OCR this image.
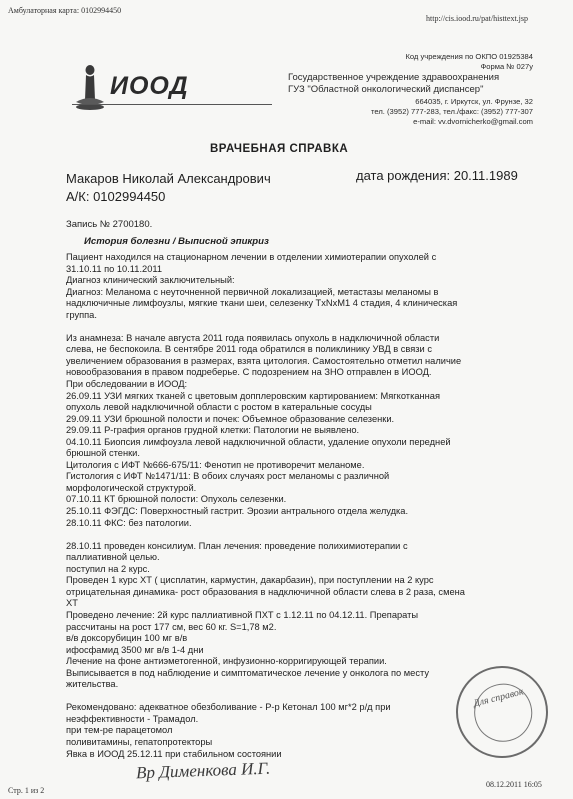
Амбулаторная карта: 0102994450
http://cis.iood.ru/pat/histtext.jsp
Код учреждения по ОКПО 01925384
Форма № 027у
ИООД	Государственное учреждение здравоохранения
ГУЗ "Областной онкологический диспансер"
664035, г. Иркутск, ул. Фрунзе, 32
тел. (3952) 777-283, тел./факс: (3952) 777-307
e-mail: vv.dvornicherko@gmail.com
ВРАЧЕБНАЯ СПРАВКА
Макаров Николай Александрович	дата рождения: 20.11.1989
А/К: 0102994450
Запись № 2700180.
История болезни / Выписной эпикриз
Пациент находился на стационарном лечении в отделении химиотерапии опухолей с
31.10.11 по 10.11.2011
Диагноз клинический заключительный:
Диагноз: Меланома с неуточненной первичной локализацией, метастазы меланомы в
надключичные лимфоузлы, мягкие ткани шеи, селезенку TxNxM1 4 стадия, 4 клиническая
группа.
Из анамнеза: В начале августа 2011 года появилась опухоль в надключичной области
слева, не беспокоила. В сентябре 2011 года обратился в поликлинику УВД в связи с
увеличением образования в размерах, взята цитология. Самостоятельно отметил наличие
новообразования в правом подреберье. С подозрением на ЗНО отправлен в ИООД.
При обследовании в ИООД:
26.09.11 УЗИ мягких тканей с цветовым допплеровским картированием: Мягкотканная
опухоль левой надключичной области с ростом в катеральные сосуды
29.09.11 УЗИ брюшной полости и почек: Объемное образование селезенки.
29.09.11 Р-графия органов грудной клетки: Патологии не выявлено.
04.10.11 Биопсия лимфоузла левой надключичной области, удаление опухоли передней
брюшной стенки.
Цитология с ИФТ №666-675/11: Фенотип не противоречит меланоме.
Гистология с ИФТ №1471/11: В обоих случаях рост меланомы с различной
морфологической структурой.
07.10.11 КТ брюшной полости: Опухоль селезенки.
25.10.11 ФЭГДС: Поверхностный гастрит. Эрозии антрального отдела желудка.
28.10.11 ФКС: без патологии.
28.10.11 проведен консилиум. План лечения: проведение полихимиотерапии с
паллиативной целью.
поступил на 2 курс.
Проведен 1 курс ХТ ( цисплатин, кармустин, дакарбазин), при поступлении на 2 курс
отрицательная динамика- рост образования в надключичной области слева в 2 раза, смена
ХТ
Проведено лечение: 2й курс паллиативной ПХТ с 1.12.11 по 04.12.11. Препараты
рассчитаны на рост 177 см, вес 60 кг. S=1,78 м2.
в/в доксорубицин 100 мг в/в
ифосфамид 3500 мг в/в 1-4 дни
Лечение на фоне антиэметогенной, инфузионно-корригирующей терапии.
Выписывается в под наблюдение и симптоматическое лечение у онколога по месту
жительства.
Рекомендовано: адекватное обезболивание - Р-р Кетонал 100 мг*2 р/д при
неэффективности - Трамадол.
при тем-ре парацетомол
поливитамины, гепатопротекторы
Явка в ИООД 25.12.11 при стабильном состоянии
Для справок
Вр Дименкова И.Г.
Стр. 1 из 2
08.12.2011 16:05
